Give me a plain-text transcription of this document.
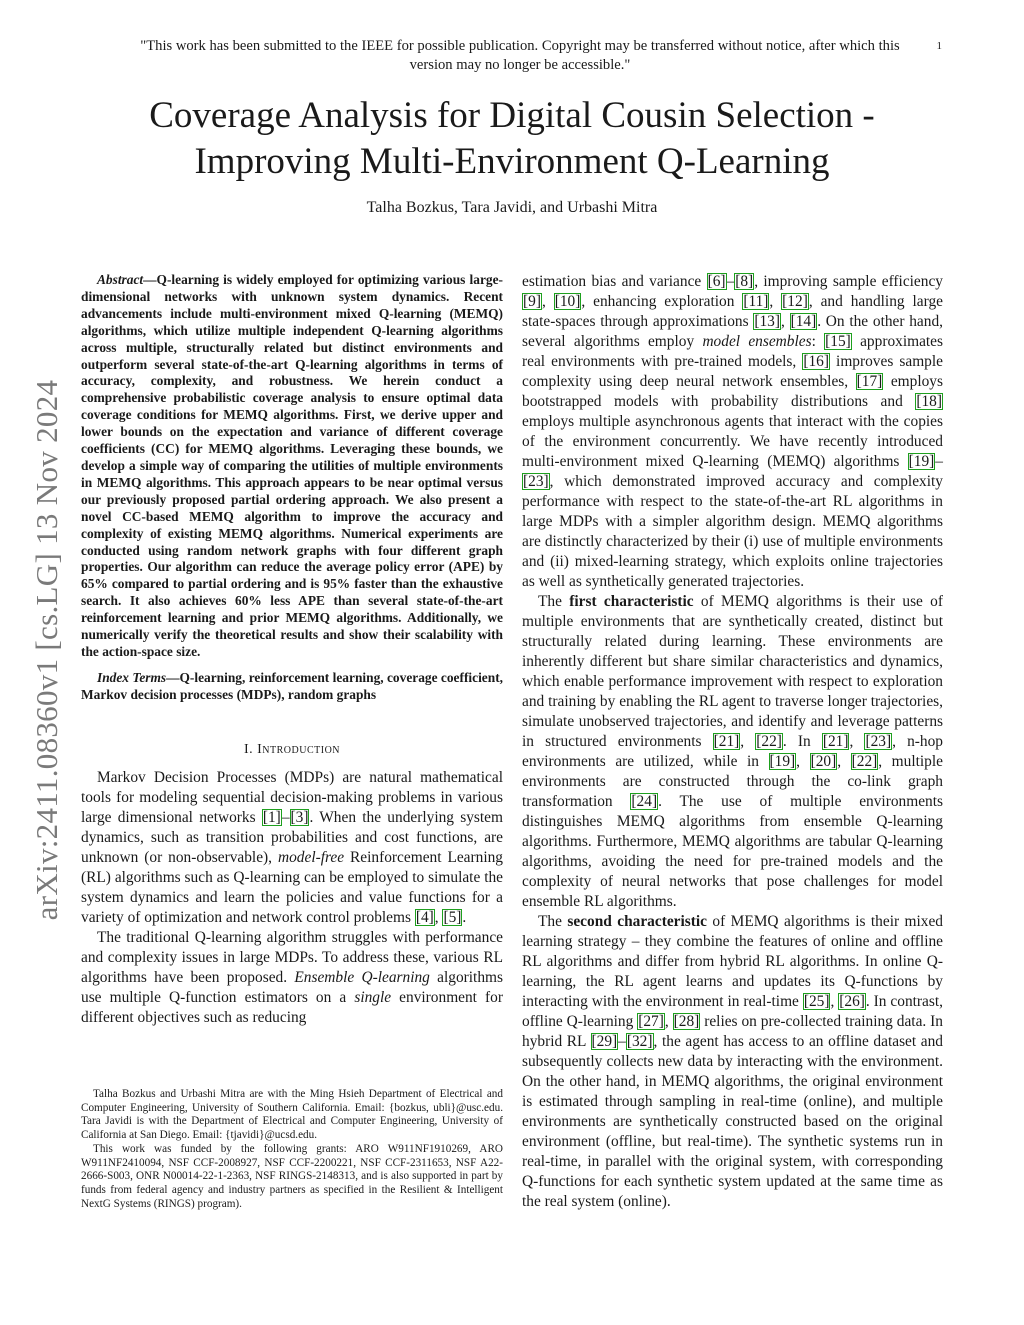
"This work has been submitted to the IEEE for possible publication. Copyright may be transferred without notice, after which this version may no longer be accessible."
1
arXiv:2411.08360v1 [cs.LG] 13 Nov 2024
Coverage Analysis for Digital Cousin Selection - Improving Multi-Environment Q-Learning
Talha Bozkus, Tara Javidi, and Urbashi Mitra

Abstract—Q-learning is widely employed for optimizing various large-dimensional networks with unknown system dynamics. Recent advancements include multi-environment mixed Q-learning (MEMQ) algorithms, which utilize multiple independent Q-learning algorithms across multiple, structurally related but distinct environments and outperform several state-of-the-art Q-learning algorithms in terms of accuracy, complexity, and robustness. We herein conduct a comprehensive probabilistic coverage analysis to ensure optimal data coverage conditions for MEMQ algorithms. First, we derive upper and lower bounds on the expectation and variance of different coverage coefficients (CC) for MEMQ algorithms. Leveraging these bounds, we develop a simple way of comparing the utilities of multiple environments in MEMQ algorithms. This approach appears to be near optimal versus our previously proposed partial ordering approach. We also present a novel CC-based MEMQ algorithm to improve the accuracy and complexity of existing MEMQ algorithms. Numerical experiments are conducted using random network graphs with four different graph properties. Our algorithm can reduce the average policy error (APE) by 65% compared to partial ordering and is 95% faster than the exhaustive search. It also achieves 60% less APE than several state-of-the-art reinforcement learning and prior MEMQ algorithms. Additionally, we numerically verify the theoretical results and show their scalability with the action-space size.

Index Terms—Q-learning, reinforcement learning, coverage coefficient, Markov decision processes (MDPs), random graphs

I. Introduction

Markov Decision Processes (MDPs) are natural mathematical tools for modeling sequential decision-making problems in various large dimensional networks [1]–[3]. When the underlying system dynamics, such as transition probabilities and cost functions, are unknown (or non-observable), model-free Reinforcement Learning (RL) algorithms such as Q-learning can be employed to simulate the system dynamics and learn the policies and value functions for a variety of optimization and network control problems [4], [5].

The traditional Q-learning algorithm struggles with performance and complexity issues in large MDPs. To address these, various RL algorithms have been proposed. Ensemble Q-learning algorithms use multiple Q-function estimators on a single environment for different objectives such as reducing

Talha Bozkus and Urbashi Mitra are with the Ming Hsieh Department of Electrical and Computer Engineering, University of Southern California. Email: {bozkus, ubli}@usc.edu. Tara Javidi is with the Department of Electrical and Computer Engineering, University of California at San Diego. Email: {tjavidi}@ucsd.edu.

This work was funded by the following grants: ARO W911NF1910269, ARO W911NF2410094, NSF CCF-2008927, NSF CCF-2200221, NSF CCF-2311653, NSF A22-2666-S003, ONR N00014-22-1-2363, NSF RINGS-2148313, and is also supported in part by funds from federal agency and industry partners as specified in the Resilient & Intelligent NextG Systems (RINGS) program).

estimation bias and variance [6]–[8], improving sample efficiency [9], [10], enhancing exploration [11], [12], and handling large state-spaces through approximations [13], [14]. On the other hand, several algorithms employ model ensembles: [15] approximates real environments with pre-trained models, [16] improves sample complexity using deep neural network ensembles, [17] employs bootstrapped models with probability distributions and [18] employs multiple asynchronous agents that interact with the copies of the environment concurrently. We have recently introduced multi-environment mixed Q-learning (MEMQ) algorithms [19]–[23], which demonstrated improved accuracy and complexity performance with respect to the state-of-the-art RL algorithms in large MDPs with a simpler algorithm design. MEMQ algorithms are distinctly characterized by their (i) use of multiple environments and (ii) mixed-learning strategy, which exploits online trajectories as well as synthetically generated trajectories.

The first characteristic of MEMQ algorithms is their use of multiple environments that are synthetically created, distinct but structurally related during learning. These environments are inherently different but share similar characteristics and dynamics, which enable performance improvement with respect to exploration and training by enabling the RL agent to traverse longer trajectories, simulate unobserved trajectories, and identify and leverage patterns in structured environments [21], [22]. In [21], [23], n-hop environments are utilized, while in [19], [20], [22], multiple environments are constructed through the co-link graph transformation [24]. The use of multiple environments distinguishes MEMQ algorithms from ensemble Q-learning algorithms. Furthermore, MEMQ algorithms are tabular Q-learning algorithms, avoiding the need for pre-trained models and the complexity of neural networks that pose challenges for model ensemble RL algorithms.

The second characteristic of MEMQ algorithms is their mixed learning strategy – they combine the features of online and offline RL algorithms and differ from hybrid RL algorithms. In online Q-learning, the RL agent learns and updates its Q-functions by interacting with the environment in real-time [25], [26]. In contrast, offline Q-learning [27], [28] relies on pre-collected training data. In hybrid RL [29]–[32], the agent has access to an offline dataset and subsequently collects new data by interacting with the environment. On the other hand, in MEMQ algorithms, the original environment is estimated through sampling in real-time (online), and multiple environments are synthetically constructed based on the original environment (offline, but real-time). The synthetic systems run in real-time, in parallel with the original system, with corresponding Q-functions for each synthetic system updated at the same time as the real system (online).
